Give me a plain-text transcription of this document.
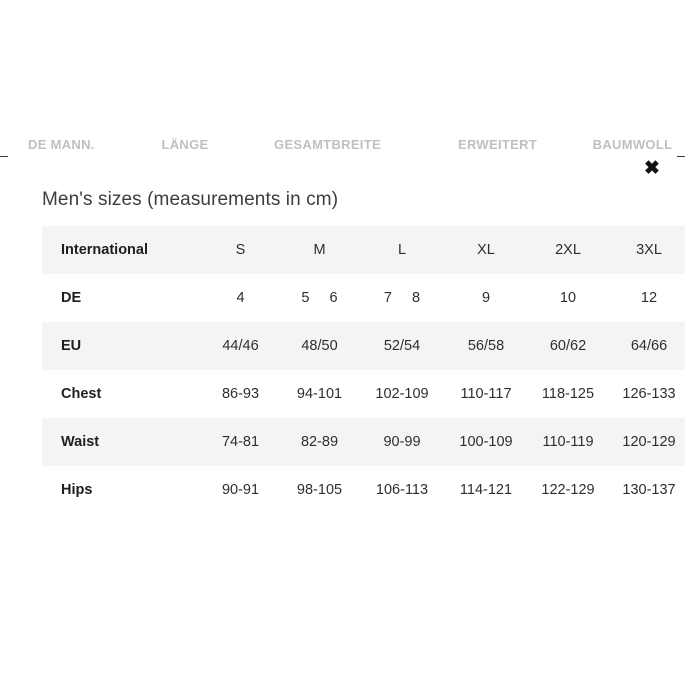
DE MANN.	LÄNGE	GESAMTBREITE	ERWEITERT	BAUMWOLL
✖
Men's sizes (measurements in cm)
International	S	M	L	XL	2XL	3XL
DE	4	5 6	7 8	9	10	12
EU	44/46	48/50	52/54	56/58	60/62	64/66
Chest	86-93	94-101	102-109	110-117	118-125	126-133
Waist	74-81	82-89	90-99	100-109	110-119	120-129
Hips	90-91	98-105	106-113	114-121	122-129	130-137
